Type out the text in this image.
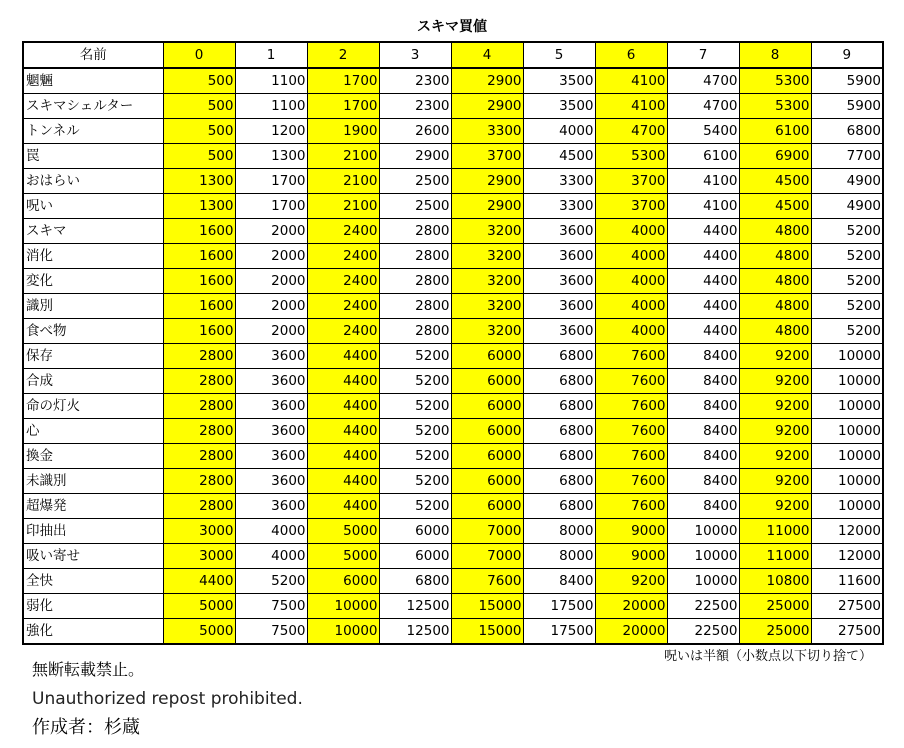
スキマ買値
名前	0	1	2	3	4	5	6	7	8	9
魍魎	500	1100	1700	2300	2900	3500	4100	4700	5300	5900
スキマシェルター	500	1100	1700	2300	2900	3500	4100	4700	5300	5900
トンネル	500	1200	1900	2600	3300	4000	4700	5400	6100	6800
罠	500	1300	2100	2900	3700	4500	5300	6100	6900	7700
おはらい	1300	1700	2100	2500	2900	3300	3700	4100	4500	4900
呪い	1300	1700	2100	2500	2900	3300	3700	4100	4500	4900
スキマ	1600	2000	2400	2800	3200	3600	4000	4400	4800	5200
消化	1600	2000	2400	2800	3200	3600	4000	4400	4800	5200
変化	1600	2000	2400	2800	3200	3600	4000	4400	4800	5200
識別	1600	2000	2400	2800	3200	3600	4000	4400	4800	5200
食べ物	1600	2000	2400	2800	3200	3600	4000	4400	4800	5200
保存	2800	3600	4400	5200	6000	6800	7600	8400	9200	10000
合成	2800	3600	4400	5200	6000	6800	7600	8400	9200	10000
命の灯火	2800	3600	4400	5200	6000	6800	7600	8400	9200	10000
心	2800	3600	4400	5200	6000	6800	7600	8400	9200	10000
換金	2800	3600	4400	5200	6000	6800	7600	8400	9200	10000
未識別	2800	3600	4400	5200	6000	6800	7600	8400	9200	10000
超爆発	2800	3600	4400	5200	6000	6800	7600	8400	9200	10000
印抽出	3000	4000	5000	6000	7000	8000	9000	10000	11000	12000
吸い寄せ	3000	4000	5000	6000	7000	8000	9000	10000	11000	12000
全快	4400	5200	6000	6800	7600	8400	9200	10000	10800	11600
弱化	5000	7500	10000	12500	15000	17500	20000	22500	25000	27500
強化	5000	7500	10000	12500	15000	17500	20000	22500	25000	27500
呪いは半額（小数点以下切り捨て）
無断転載禁止。
Unauthorized repost prohibited.
作成者：杉蔵
